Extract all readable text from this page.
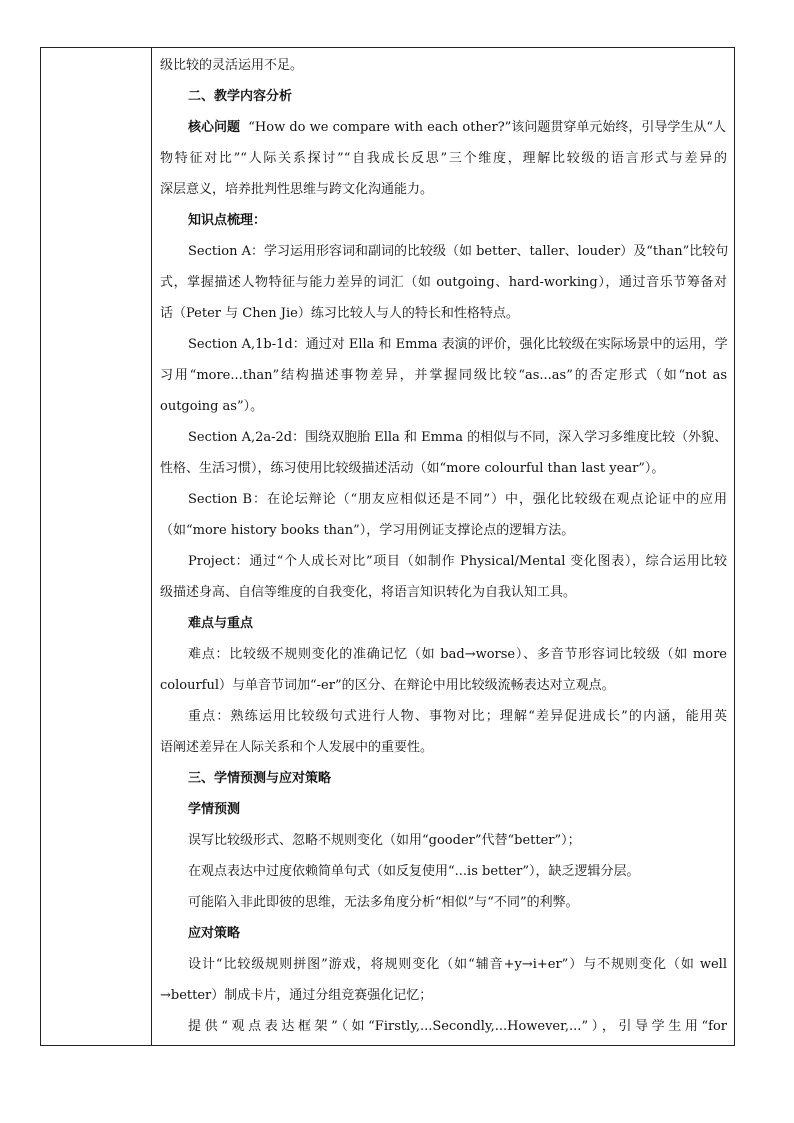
级比较的灵活运用不足。
二、教学内容分析
核心问题 “How do we compare with each other?”该问题贯穿单元始终，引导学生从“人
物特征对比”“人际关系探讨”“自我成长反思”三个维度，理解比较级的语言形式与差异的
深层意义，培养批判性思维与跨文化沟通能力。
知识点梳理：
Section A：学习运用形容词和副词的比较级（如 better、taller、louder）及“than”比较句
式，掌握描述人物特征与能力差异的词汇（如 outgoing、hard-working），通过音乐节筹备对
话（Peter 与 Chen Jie）练习比较人与人的特长和性格特点。
Section A,1b-1d：通过对 Ella 和 Emma 表演的评价，强化比较级在实际场景中的运用，学
习用“more...than”结构描述事物差异，并掌握同级比较“as...as”的否定形式（如“not as
outgoing as”）。
Section A,2a-2d：围绕双胞胎 Ella 和 Emma 的相似与不同，深入学习多维度比较（外貌、
性格、生活习惯），练习使用比较级描述活动（如“more colourful than last year”）。
Section B：在论坛辩论（“朋友应相似还是不同”）中，强化比较级在观点论证中的应用
（如“more history books than”），学习用例证支撑论点的逻辑方法。
Project：通过“个人成长对比”项目（如制作 Physical/Mental 变化图表），综合运用比较
级描述身高、自信等维度的自我变化，将语言知识转化为自我认知工具。
难点与重点
难点：比较级不规则变化的准确记忆（如 bad→worse）、多音节形容词比较级（如 more
colourful）与单音节词加“-er”的区分、在辩论中用比较级流畅表达对立观点。
重点：熟练运用比较级句式进行人物、事物对比；理解“差异促进成长”的内涵，能用英
语阐述差异在人际关系和个人发展中的重要性。
三、学情预测与应对策略
学情预测
误写比较级形式、忽略不规则变化（如用“gooder”代替“better”）；
在观点表达中过度依赖简单句式（如反复使用“...is better”），缺乏逻辑分层。
可能陷入非此即彼的思维，无法多角度分析“相似”与“不同”的利弊。
应对策略
设计“比较级规则拼图”游戏，将规则变化（如“辅音+y→i+er”）与不规则变化（如 well
→better）制成卡片，通过分组竞赛强化记忆；
提供“观点表达框架”（如“Firstly,...Secondly,...However,...”），引导学生用“for
